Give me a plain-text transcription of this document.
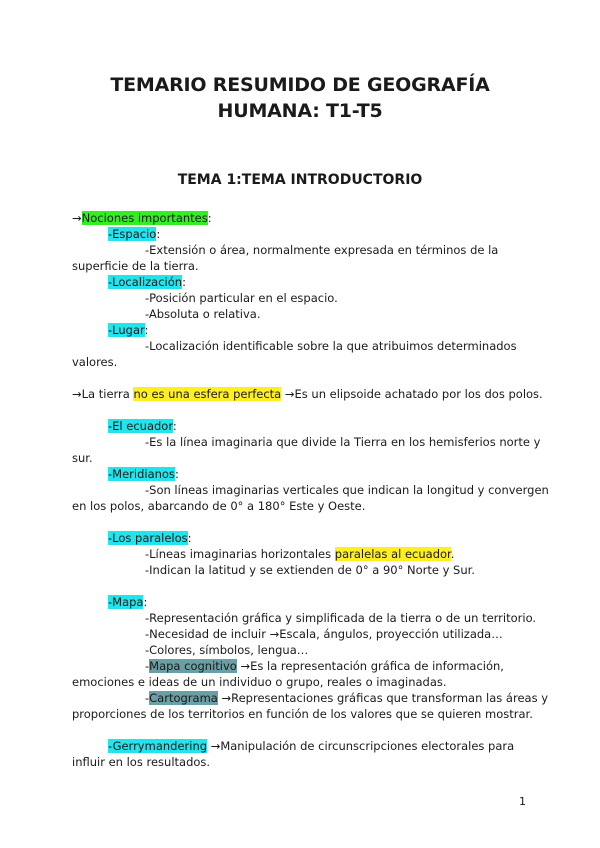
TEMARIO RESUMIDO DE GEOGRAFÍA
HUMANA: T1-T5
TEMA 1:TEMA INTRODUCTORIO
→Nociones importantes:
-Espacio:
-Extensión o área, normalmente expresada en términos de la
superficie de la tierra.
-Localización:
-Posición particular en el espacio.
-Absoluta o relativa.
-Lugar:
-Localización identificable sobre la que atribuimos determinados
valores.
→La tierra no es una esfera perfecta →Es un elipsoide achatado por los dos polos.
-El ecuador:
-Es la línea imaginaria que divide la Tierra en los hemisferios norte y
sur.
-Meridianos:
-Son líneas imaginarias verticales que indican la longitud y convergen
en los polos, abarcando de 0° a 180° Este y Oeste.
-Los paralelos:
-Líneas imaginarias horizontales paralelas al ecuador.
-Indican la latitud y se extienden de 0° a 90° Norte y Sur.
-Mapa:
-Representación gráfica y simplificada de la tierra o de un territorio.
-Necesidad de incluir →Escala, ángulos, proyección utilizada…
-Colores, símbolos, lengua…
-Mapa cognitivo →Es la representación gráfica de información,
emociones e ideas de un individuo o grupo, reales o imaginadas.
-Cartograma →Representaciones gráficas que transforman las áreas y
proporciones de los territorios en función de los valores que se quieren mostrar.
-Gerrymandering →Manipulación de circunscripciones electorales para
influir en los resultados.
1
